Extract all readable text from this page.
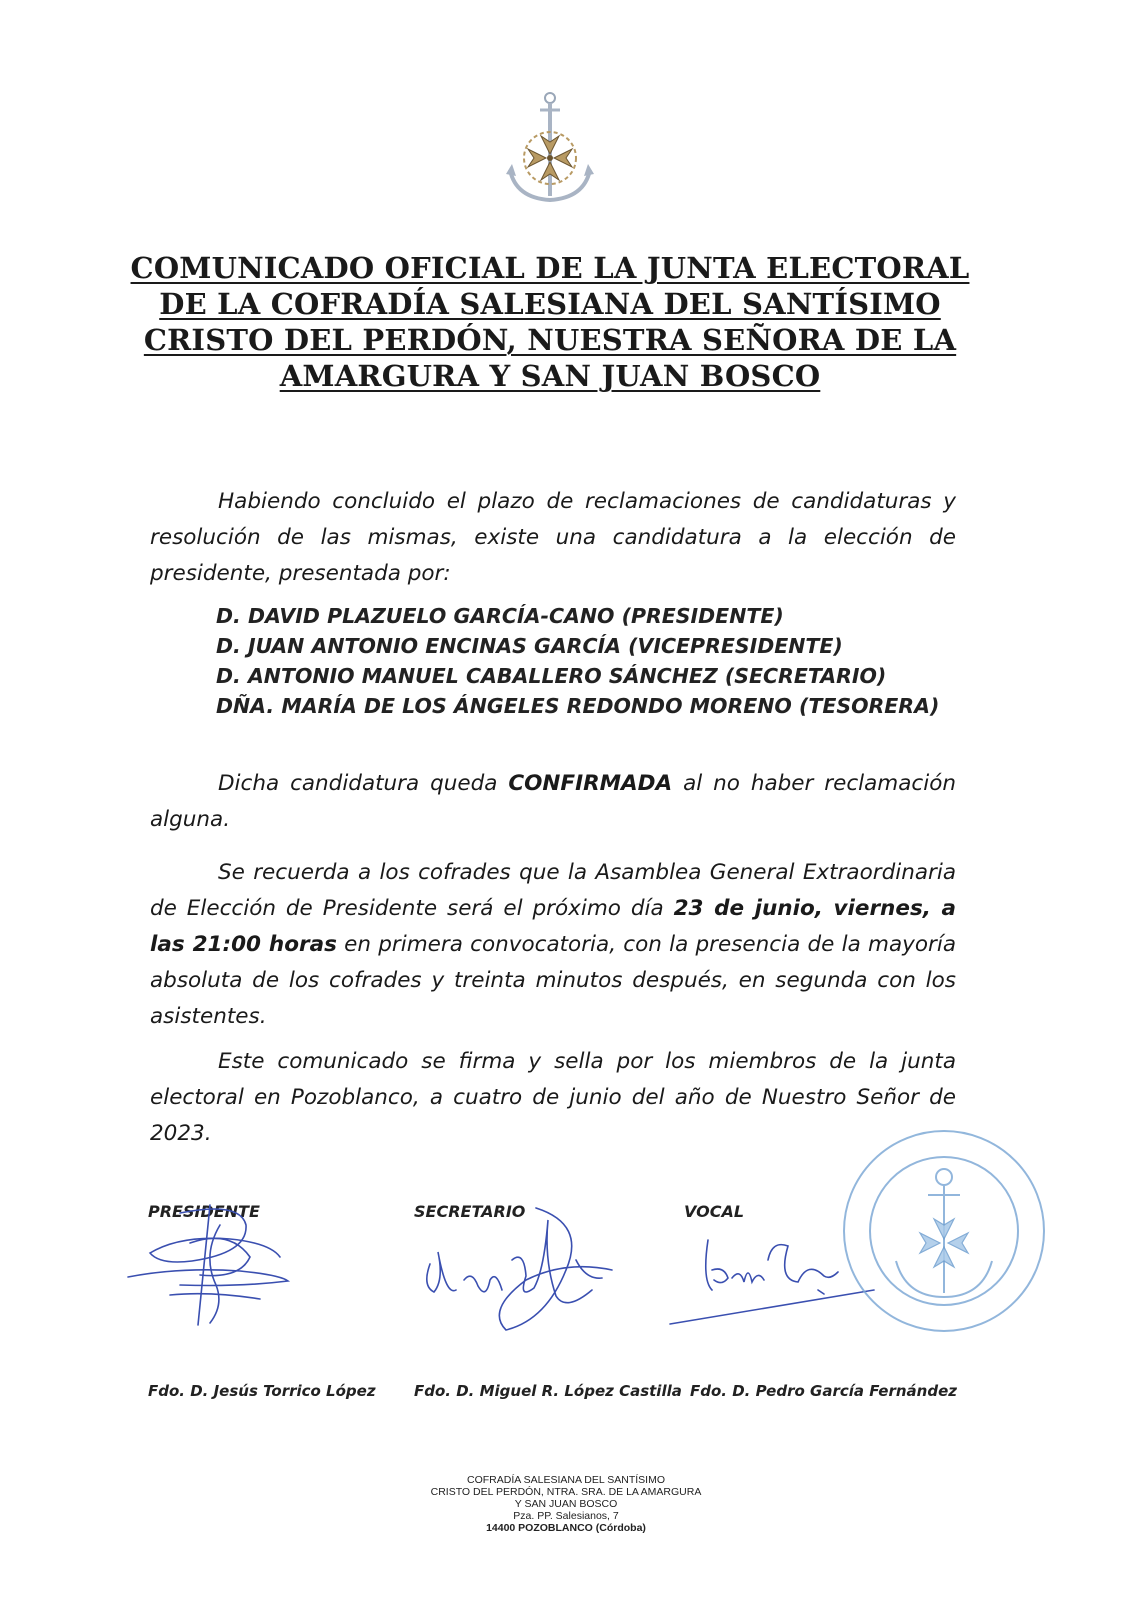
COMUNICADO OFICIAL DE LA JUNTA ELECTORAL
DE LA COFRADÍA SALESIANA DEL SANTÍSIMO
CRISTO DEL PERDÓN, NUESTRA SEÑORA DE LA
AMARGURA Y SAN JUAN BOSCO

Habiendo concluido el plazo de reclamaciones de candidaturas y resolución de las mismas, existe una candidatura a la elección de presidente, presentada por:

D. DAVID PLAZUELO GARCÍA-CANO (PRESIDENTE)
D. JUAN ANTONIO ENCINAS GARCÍA (VICEPRESIDENTE)
D. ANTONIO MANUEL CABALLERO SÁNCHEZ (SECRETARIO)
DÑA. MARÍA DE LOS ÁNGELES REDONDO MORENO (TESORERA)

Dicha candidatura queda CONFIRMADA al no haber reclamación alguna.

Se recuerda a los cofrades que la Asamblea General Extraordinaria de Elección de Presidente será el próximo día 23 de junio, viernes, a las 21:00 horas en primera convocatoria, con la presencia de la mayoría absoluta de los cofrades y treinta minutos después, en segunda con los asistentes.

Este comunicado se firma y sella por los miembros de la junta electoral en Pozoblanco, a cuatro de junio del año de Nuestro Señor de 2023.

PRESIDENTE	SECRETARIO	VOCAL
Fdo. D. Jesús Torrico López	Fdo. D. Miguel R. López Castilla Fdo. D. Pedro García Fernández
COFRADÍA SALESIANA DEL SANTÍSIMO
CRISTO DEL PERDÓN, NTRA. SRA. DE LA AMARGURA
Y SAN JUAN BOSCO
Pza. PP. Salesianos, 7
14400 POZOBLANCO (Córdoba)
